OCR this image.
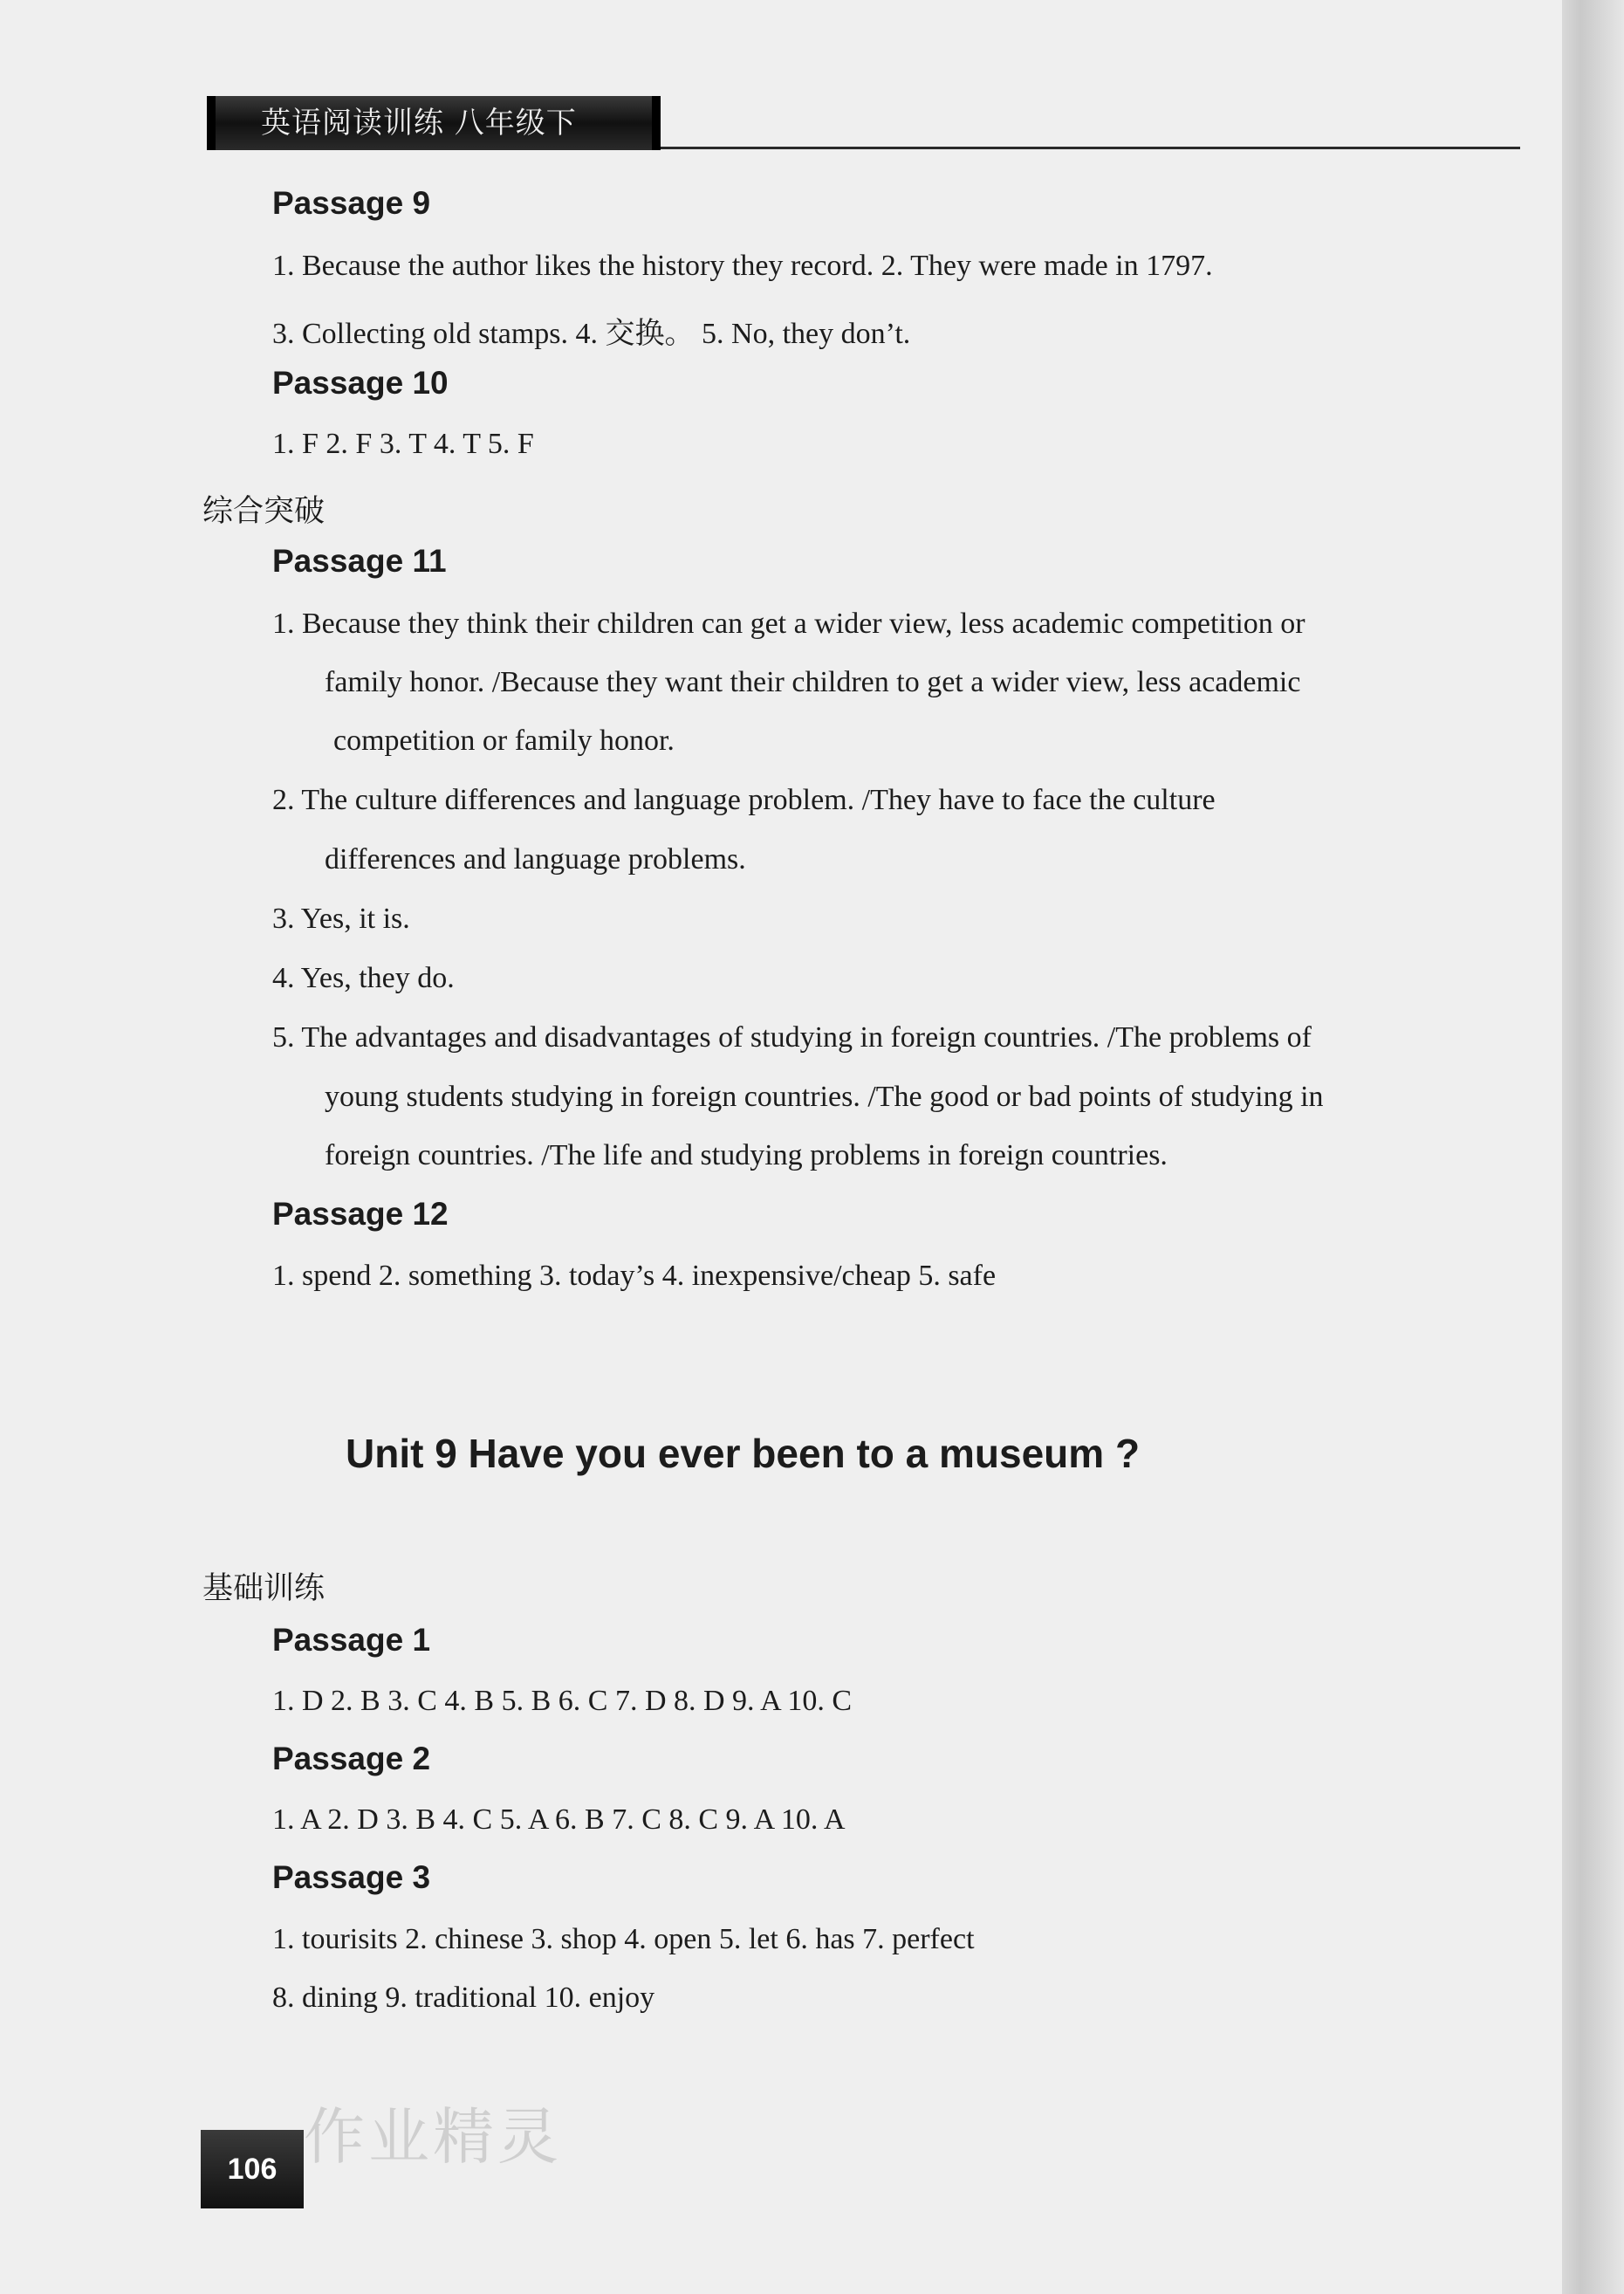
英语阅读训练 八年级下
Passage 9
1. Because the author likes the history they record. 2. They were made in 1797.
3. Collecting old stamps. 4. 交换。 5. No, they don’t.
Passage 10
1. F 2. F 3. T 4. T 5. F
综合突破
Passage 11
1. Because they think their children can get a wider view, less academic competition or
family honor. /Because they want their children to get a wider view, less academic
competition or family honor.
2. The culture differences and language problem. /They have to face the culture
differences and language problems.
3. Yes, it is.
4. Yes, they do.
5. The advantages and disadvantages of studying in foreign countries. /The problems of
young students studying in foreign countries. /The good or bad points of studying in
foreign countries. /The life and studying problems in foreign countries.
Passage 12
1. spend 2. something 3. today’s 4. inexpensive/cheap 5. safe
Unit 9 Have you ever been to a museum ?
基础训练
Passage 1
1. D 2. B 3. C 4. B 5. B 6. C 7. D 8. D 9. A 10. C
Passage 2
1. A 2. D 3. B 4. C 5. A 6. B 7. C 8. C 9. A 10. A
Passage 3
1. tourisits 2. chinese 3. shop 4. open 5. let 6. has 7. perfect
8. dining 9. traditional 10. enjoy
106 作业精灵
